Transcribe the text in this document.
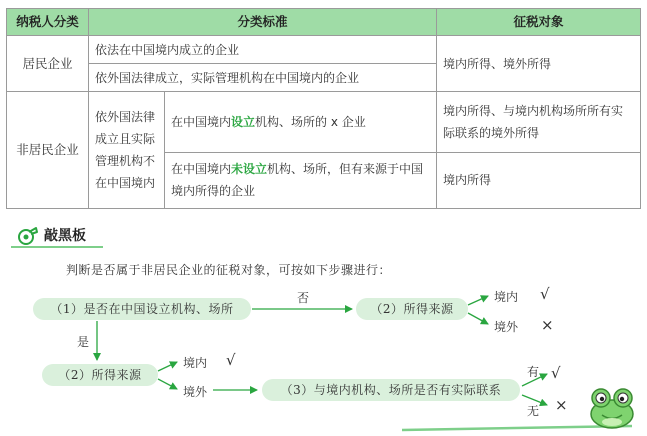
纳税人分类	分类标准		征税对象
居民企业	依法在中国境内成立的企业		境内所得、境外所得
	依外国法律成立，实际管理机构在中国境内的企业		
非居民企业	依外国法律成立且实际管理机构不在中国境内	在中国境内设立机构、场所的 x 企业	境内所得、与境内机构场所所有实际联系的境外所得
		在中国境内未设立机构、场所，但有来源于中国境内所得的企业	境内所得
敲黑板
判断是否属于非居民企业的征税对象，可按如下步骤进行：
（1）是否在中国设立机构、场所
否
（2）所得来源
境内 √
境外 ×
是
（2）所得来源
境内 √
境外	（3）与境内机构、场所是否有实际联系
有 √
无 ×
